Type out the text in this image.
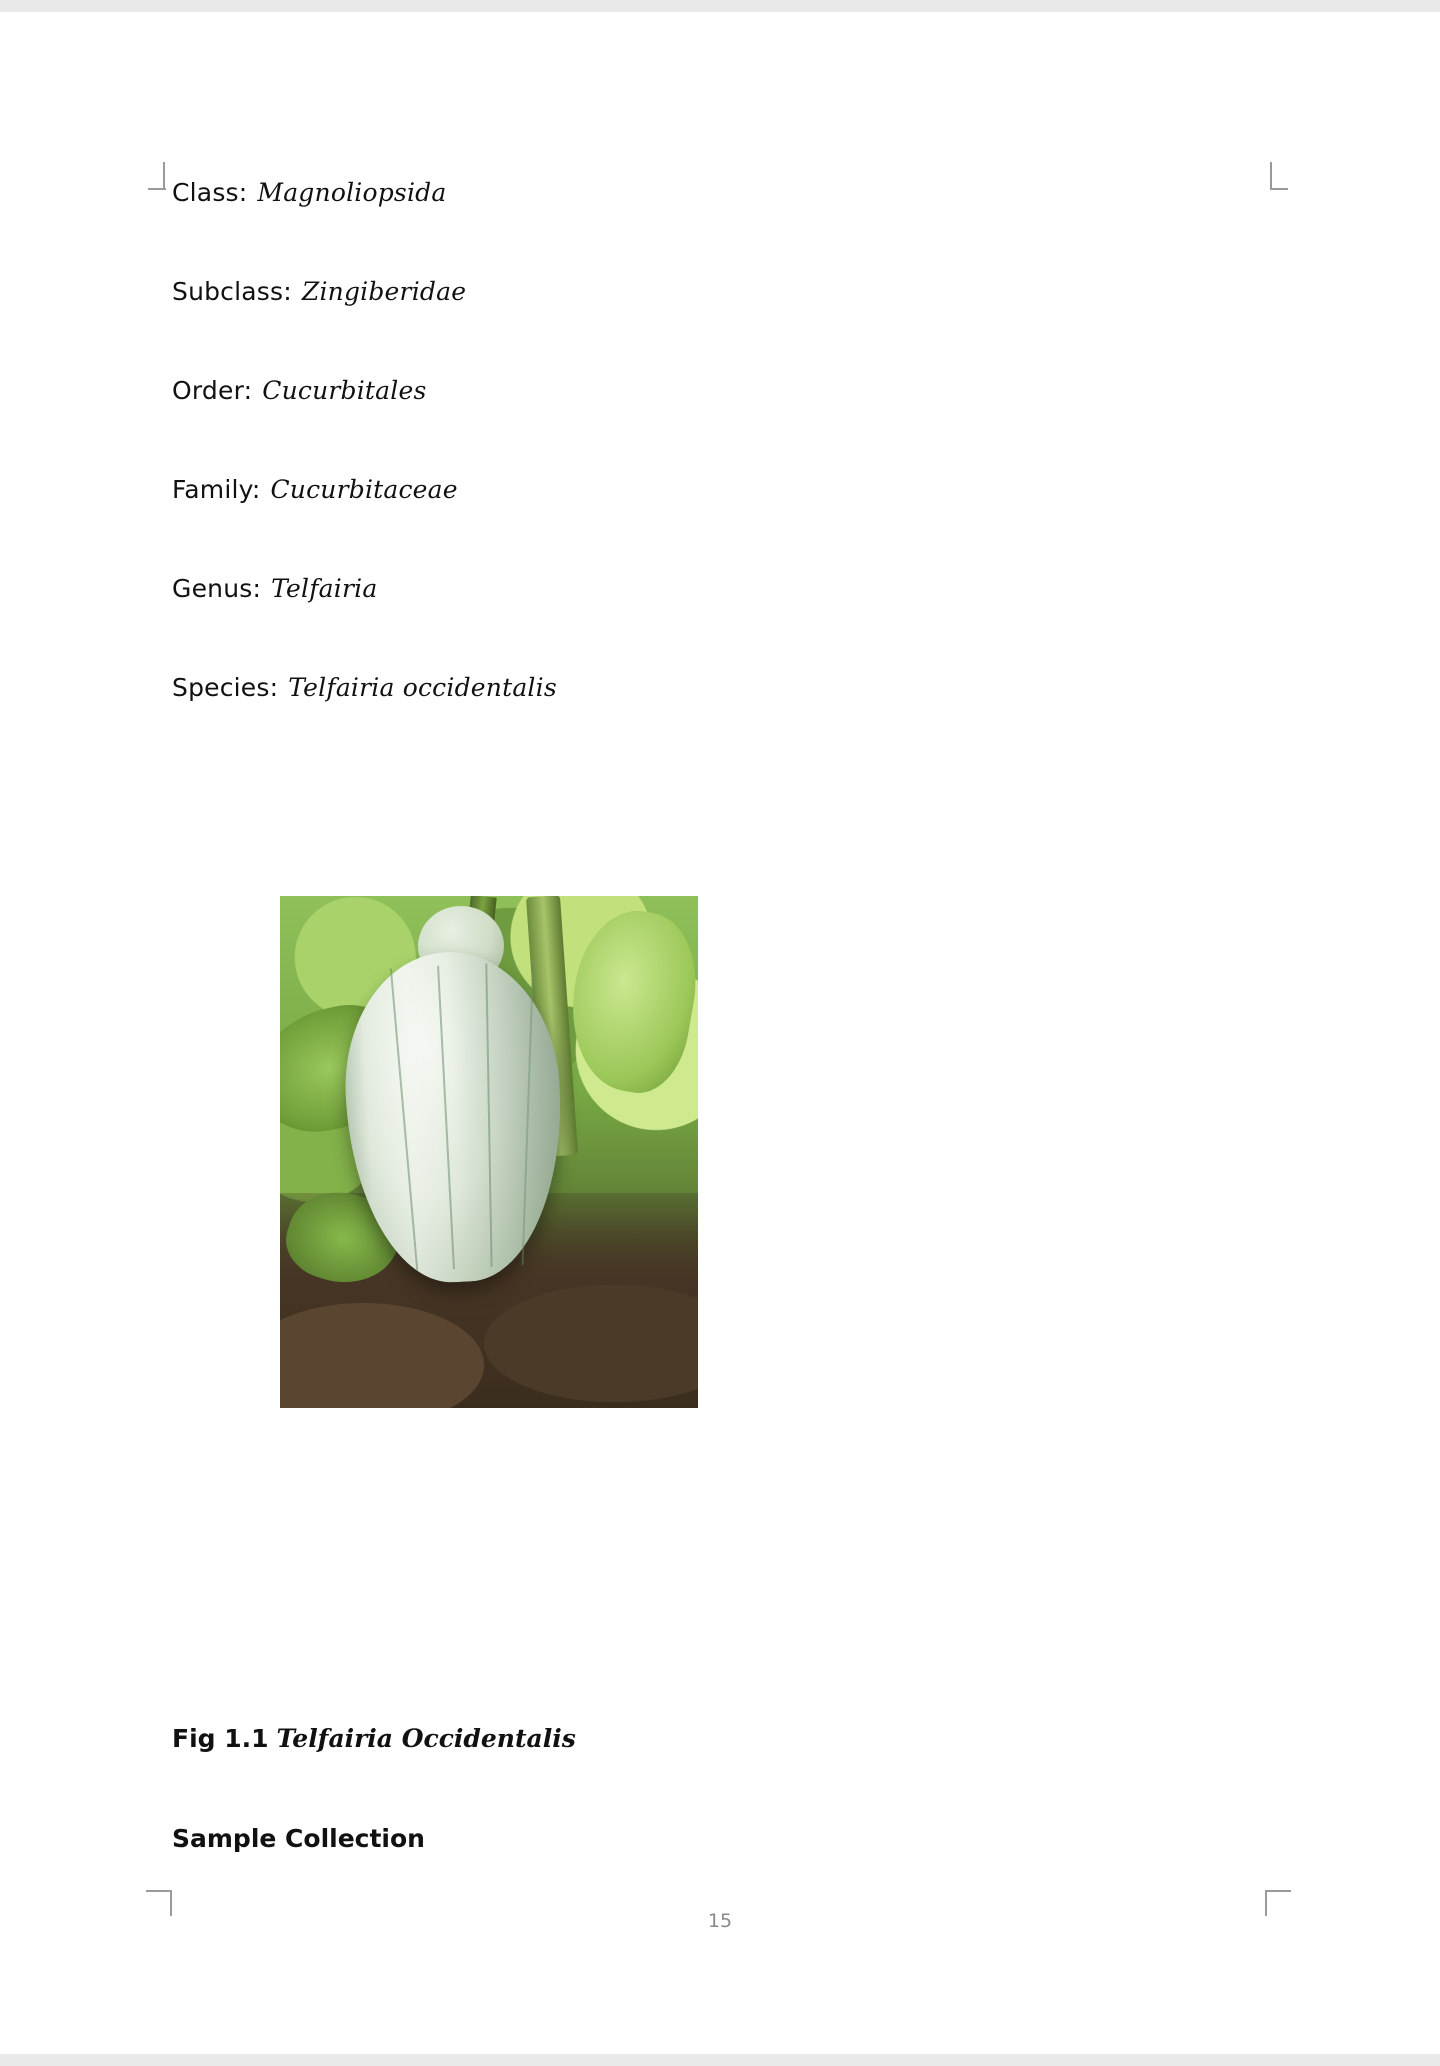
Class: Magnoliopsida
Subclass: Zingiberidae
Order: Cucurbitales
Family: Cucurbitaceae
Genus: Telfairia
Species: Telfairia occidentalis
Fig 1.1 Telfairia Occidentalis
Sample Collection
15
